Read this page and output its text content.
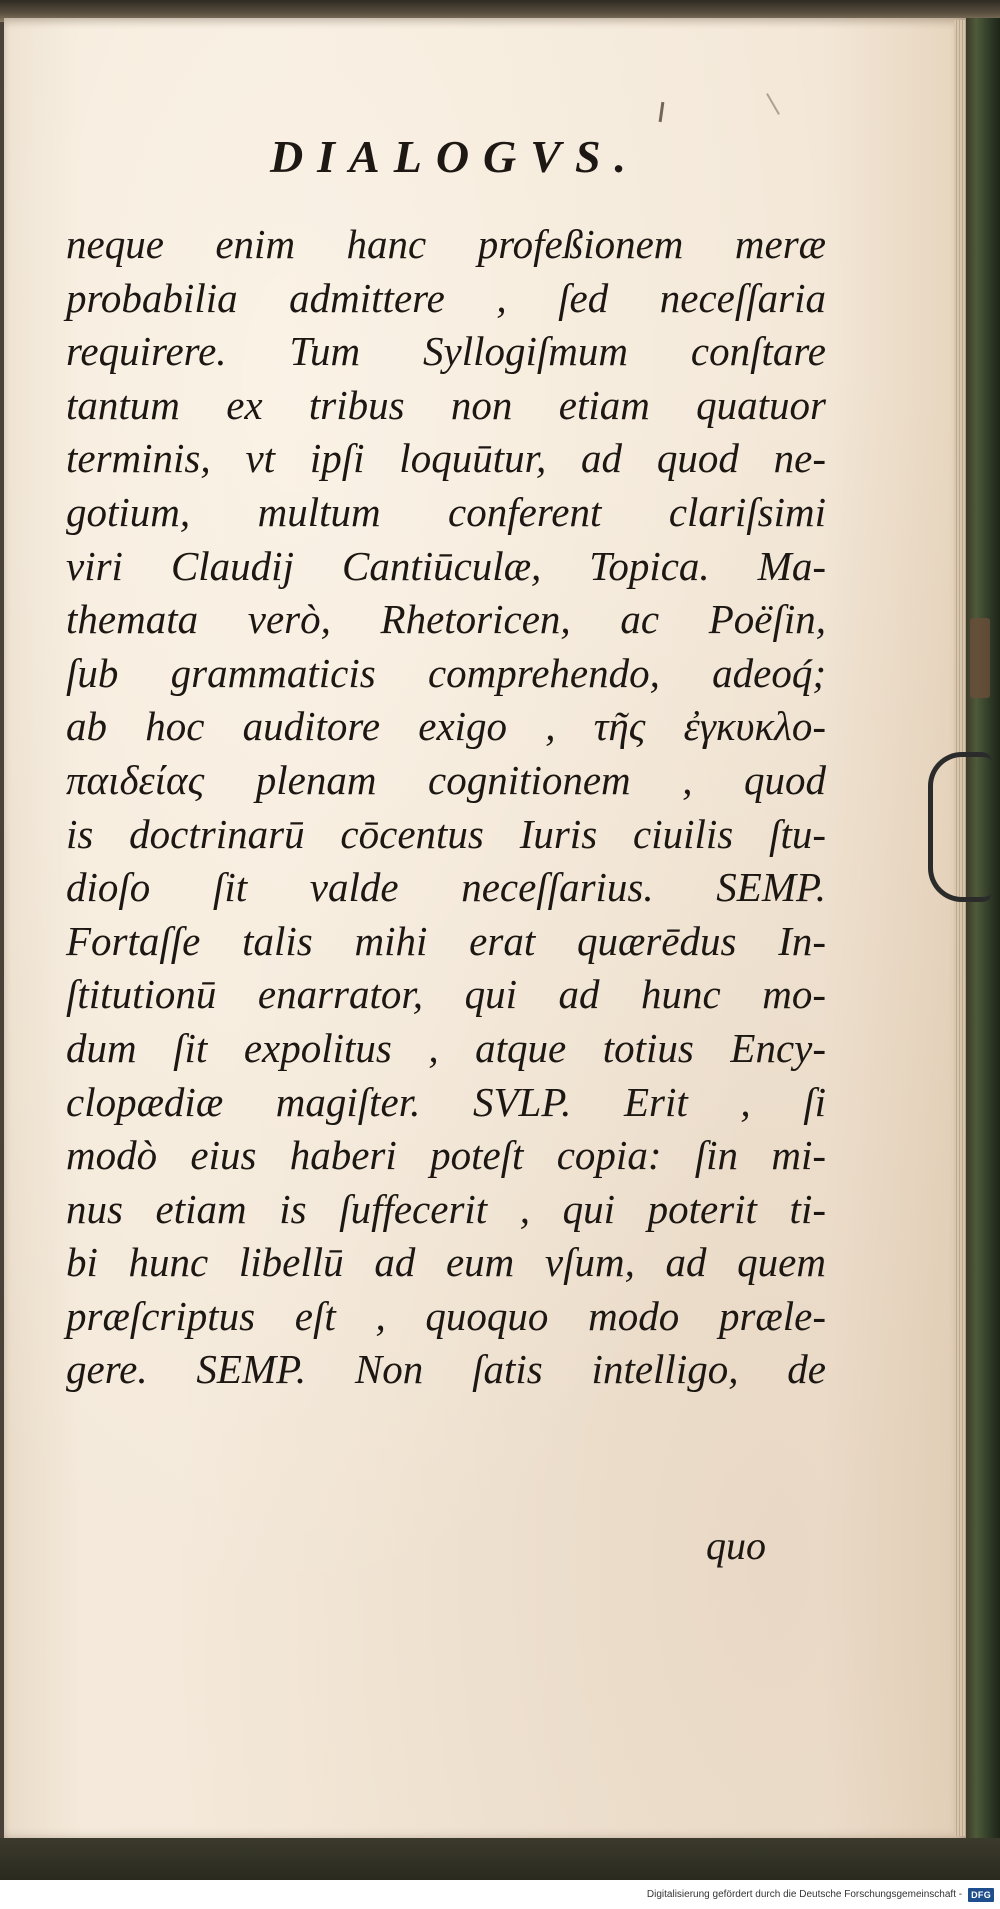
DIALOGVS.
neque enim hanc profeßionem meræ
probabilia admittere , ſed neceſſaria
requirere. Tum Syllogiſmum conſtare
tantum ex tribus non etiam quatuor
terminis, vt ipſi loquūtur, ad quod ne-
gotium, multum conferent clariſsimi
viri Claudij Cantiūculæ, Topica. Ma-
themata verò, Rhetoricen, ac Poëſin,
ſub grammaticis comprehendo, adeoq́;
ab hoc auditore exigo , τῆς ἐγκυκλο-
παιδείας plenam cognitionem , quod
is doctrinarū cōcentus Iuris ciuilis ſtu-
dioſo ſit valde neceſſarius. SEMP.
Fortaſſe talis mihi erat quærēdus In-
ſtitutionū enarrator, qui ad hunc mo-
dum ſit expolitus , atque totius Ency-
clopædiæ magiſter. SVLP. Erit , ſi
modò eius haberi poteſt copia: ſin mi-
nus etiam is ſuffecerit , qui poterit ti-
bi hunc libellū ad eum vſum, ad quem
præſcriptus eſt , quoquo modo præle-
gere. SEMP. Non ſatis intelligo, de
quo
Digitalisierung gefördert durch die Deutsche Forschungsgemeinschaft -	DFG
